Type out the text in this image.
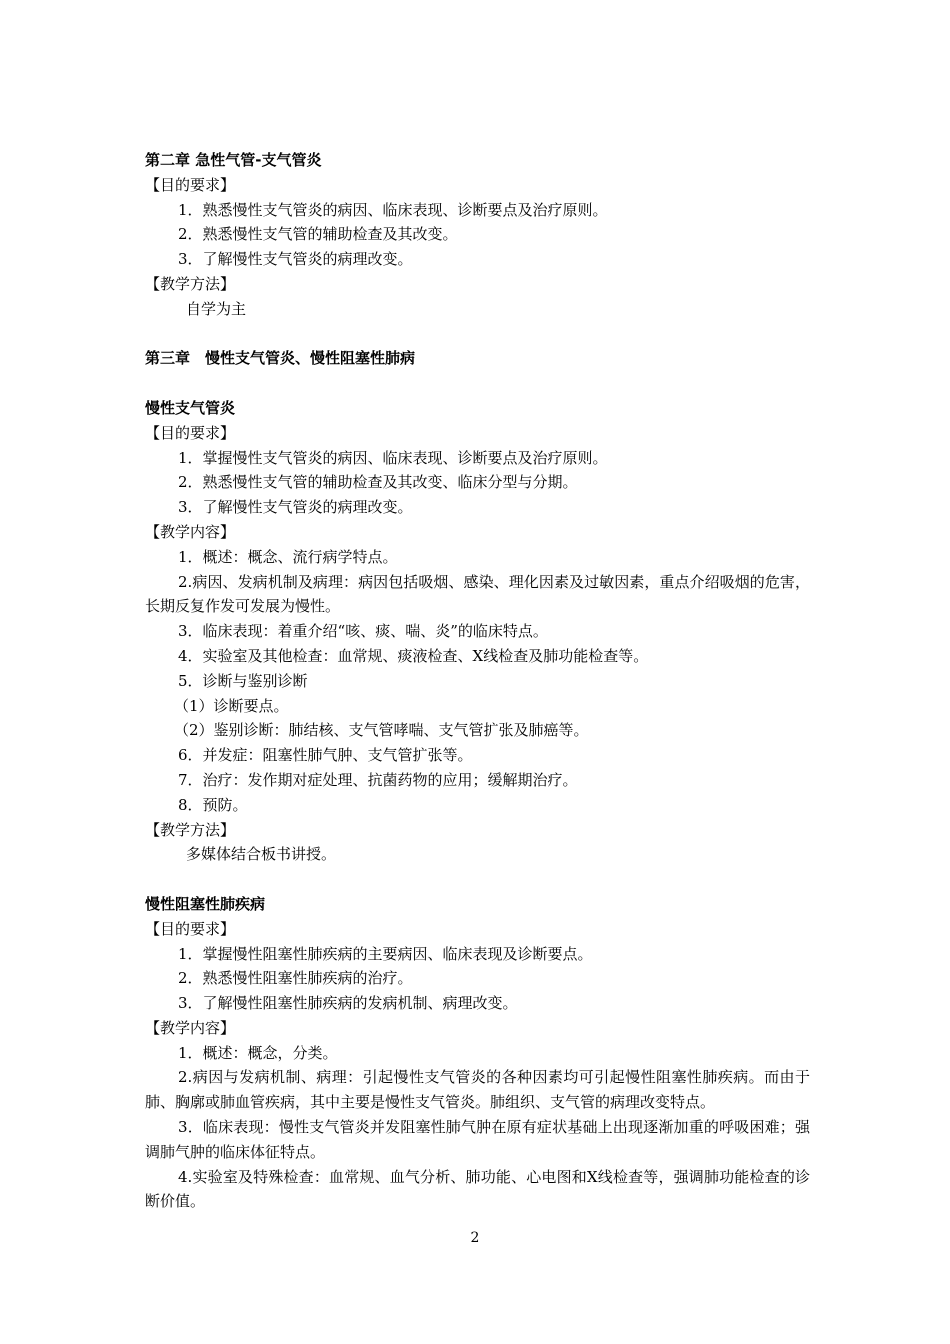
第二章 急性气管-支气管炎
【目的要求】
1．熟悉慢性支气管炎的病因、临床表现、诊断要点及治疗原则。
2．熟悉慢性支气管的辅助检查及其改变。
3．了解慢性支气管炎的病理改变。
【教学方法】
自学为主
第三章　慢性支气管炎、慢性阻塞性肺病
慢性支气管炎
【目的要求】
1．掌握慢性支气管炎的病因、临床表现、诊断要点及治疗原则。
2．熟悉慢性支气管的辅助检查及其改变、临床分型与分期。
3．了解慢性支气管炎的病理改变。
【教学内容】
1．概述：概念、流行病学特点。
2.病因、发病机制及病理：病因包括吸烟、感染、理化因素及过敏因素，重点介绍吸烟的危害，长期反复作发可发展为慢性。
3．临床表现：着重介绍“咳、痰、喘、炎”的临床特点。
4．实验室及其他检查：血常规、痰液检查、X线检查及肺功能检查等。
5．诊断与鉴别诊断
（1）诊断要点。
（2）鉴别诊断：肺结核、支气管哮喘、支气管扩张及肺癌等。
6．并发症：阻塞性肺气肿、支气管扩张等。
7．治疗：发作期对症处理、抗菌药物的应用；缓解期治疗。
8．预防。
【教学方法】
多媒体结合板书讲授。
慢性阻塞性肺疾病
【目的要求】
1．掌握慢性阻塞性肺疾病的主要病因、临床表现及诊断要点。
2．熟悉慢性阻塞性肺疾病的治疗。
3．了解慢性阻塞性肺疾病的发病机制、病理改变。
【教学内容】
1．概述：概念，分类。
2.病因与发病机制、病理：引起慢性支气管炎的各种因素均可引起慢性阻塞性肺疾病。而由于肺、胸廓或肺血管疾病，其中主要是慢性支气管炎。肺组织、支气管的病理改变特点。
3．临床表现：慢性支气管炎并发阻塞性肺气肿在原有症状基础上出现逐渐加重的呼吸困难；强调肺气肿的临床体征特点。
4.实验室及特殊检查：血常规、血气分析、肺功能、心电图和X线检查等，强调肺功能检查的诊断价值。
2
